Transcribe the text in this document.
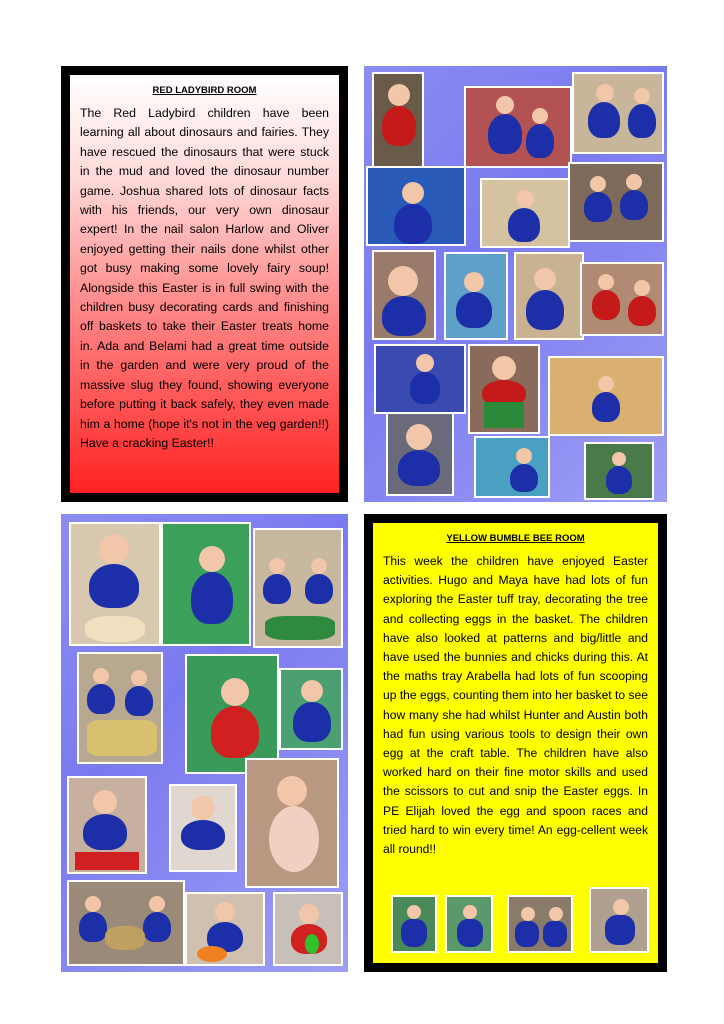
RED LADYBIRD ROOM

The Red Ladybird children have been learning all about dinosaurs and fairies. They have rescued the dinosaurs that were stuck in the mud and loved the dinosaur number game. Joshua shared lots of dinosaur facts with his friends, our very own dinosaur expert! In the nail salon Harlow and Oliver enjoyed getting their nails done whilst other got busy making some lovely fairy soup! Alongside this Easter is in full swing with the children busy decorating cards and finishing off baskets to take their Easter treats home in. Ada and Belami had a great time outside in the garden and were very proud of the massive slug they found, showing everyone before putting it back safely, they even made him a home (hope it's not in the veg garden!!) Have a cracking Easter!!

YELLOW BUMBLE BEE ROOM

This week the children have enjoyed Easter activities. Hugo and Maya have had lots of fun exploring the Easter tuff tray, decorating the tree and collecting eggs in the basket. The children have also looked at patterns and big/little and have used the bunnies and chicks during this. At the maths tray Arabella had lots of fun scooping up the eggs, counting them into her basket to see how many she had whilst Hunter and Austin both had fun using various tools to design their own egg at the craft table. The children have also worked hard on their fine motor skills and used the scissors to cut and snip the Easter eggs. In PE Elijah loved the egg and spoon races and tried hard to win every time! An egg-cellent week all round!!
